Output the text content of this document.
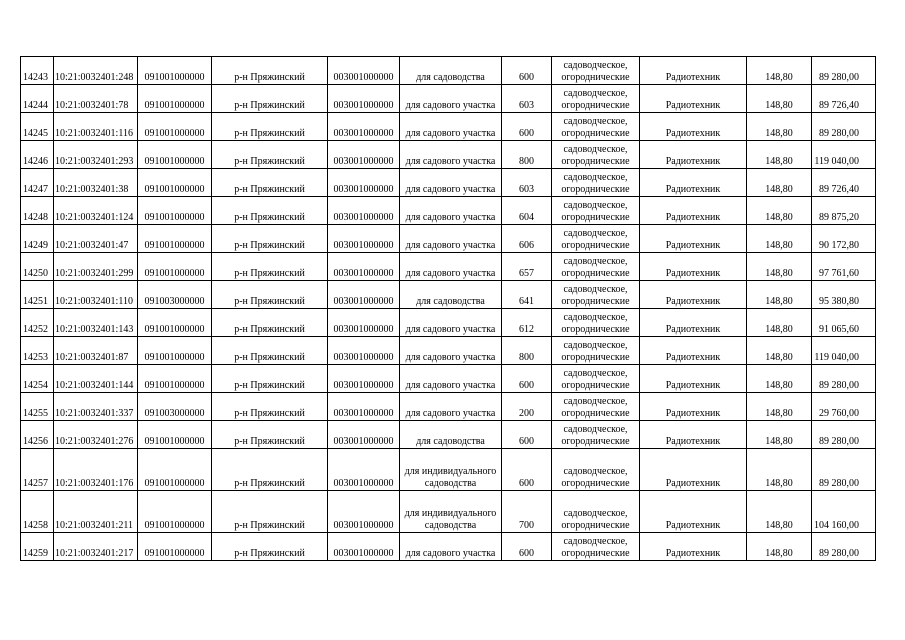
14243	10:21:0032401:248	091001000000	р-н Пряжинский	003001000000	для садоводства	600	садоводческое, огороднические	Радиотехник	148,80	89 280,00
14244	10:21:0032401:78	091001000000	р-н Пряжинский	003001000000	для садового участка	603	садоводческое, огороднические	Радиотехник	148,80	89 726,40
14245	10:21:0032401:116	091001000000	р-н Пряжинский	003001000000	для садового участка	600	садоводческое, огороднические	Радиотехник	148,80	89 280,00
14246	10:21:0032401:293	091001000000	р-н Пряжинский	003001000000	для садового участка	800	садоводческое, огороднические	Радиотехник	148,80	119 040,00
14247	10:21:0032401:38	091001000000	р-н Пряжинский	003001000000	для садового участка	603	садоводческое, огороднические	Радиотехник	148,80	89 726,40
14248	10:21:0032401:124	091001000000	р-н Пряжинский	003001000000	для садового участка	604	садоводческое, огороднические	Радиотехник	148,80	89 875,20
14249	10:21:0032401:47	091001000000	р-н Пряжинский	003001000000	для садового участка	606	садоводческое, огороднические	Радиотехник	148,80	90 172,80
14250	10:21:0032401:299	091001000000	р-н Пряжинский	003001000000	для садового участка	657	садоводческое, огороднические	Радиотехник	148,80	97 761,60
14251	10:21:0032401:110	091003000000	р-н Пряжинский	003001000000	для садоводства	641	садоводческое, огороднические	Радиотехник	148,80	95 380,80
14252	10:21:0032401:143	091001000000	р-н Пряжинский	003001000000	для садового участка	612	садоводческое, огороднические	Радиотехник	148,80	91 065,60
14253	10:21:0032401:87	091001000000	р-н Пряжинский	003001000000	для садового участка	800	садоводческое, огороднические	Радиотехник	148,80	119 040,00
14254	10:21:0032401:144	091001000000	р-н Пряжинский	003001000000	для садового участка	600	садоводческое, огороднические	Радиотехник	148,80	89 280,00
14255	10:21:0032401:337	091003000000	р-н Пряжинский	003001000000	для садового участка	200	садоводческое, огороднические	Радиотехник	148,80	29 760,00
14256	10:21:0032401:276	091001000000	р-н Пряжинский	003001000000	для садоводства	600	садоводческое, огороднические	Радиотехник	148,80	89 280,00
14257	10:21:0032401:176	091001000000	р-н Пряжинский	003001000000	для индивидуального садоводства	600	садоводческое, огороднические	Радиотехник	148,80	89 280,00
14258	10:21:0032401:211	091001000000	р-н Пряжинский	003001000000	для индивидуального садоводства	700	садоводческое, огороднические	Радиотехник	148,80	104 160,00
14259	10:21:0032401:217	091001000000	р-н Пряжинский	003001000000	для садового участка	600	садоводческое, огороднические	Радиотехник	148,80	89 280,00
